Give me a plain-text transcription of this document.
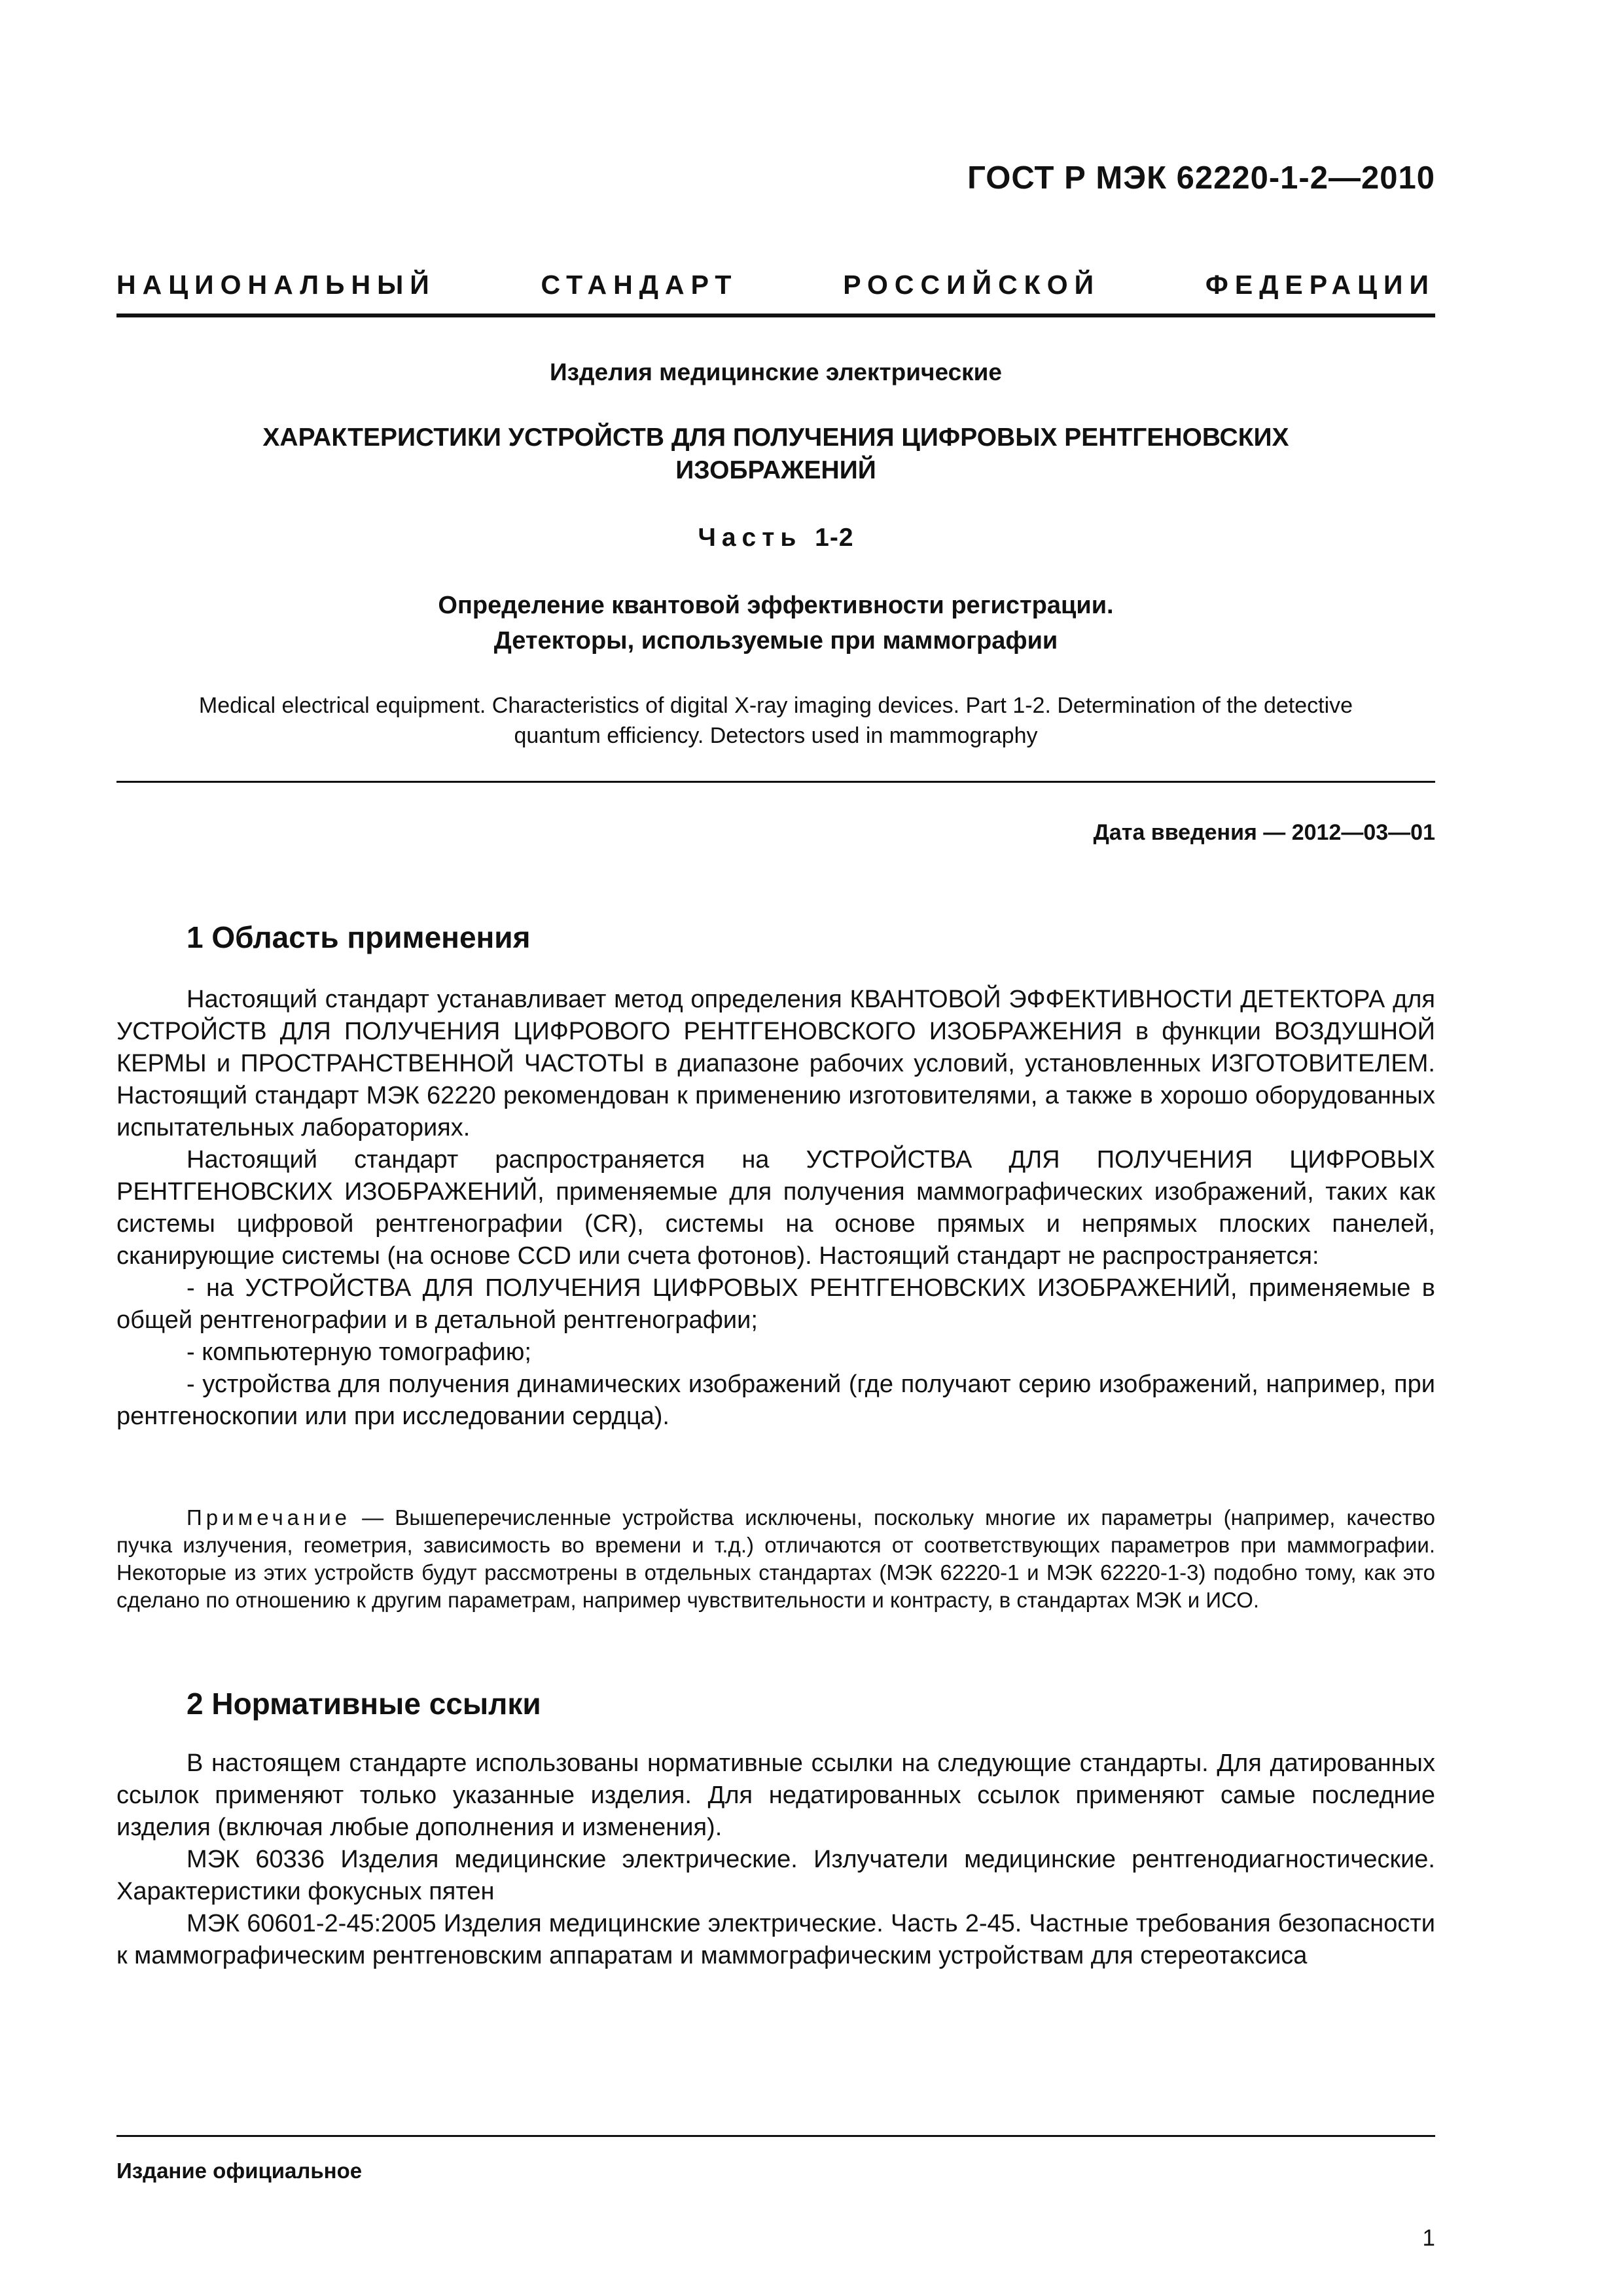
ГОСТ Р МЭК 62220-1-2—2010
НАЦИОНАЛЬНЫЙ СТАНДАРТ РОССИЙСКОЙ ФЕДЕРАЦИИ
Изделия медицинские электрические
ХАРАКТЕРИСТИКИ УСТРОЙСТВ ДЛЯ ПОЛУЧЕНИЯ ЦИФРОВЫХ РЕНТГЕНОВСКИХ
ИЗОБРАЖЕНИЙ
Часть 1-2
Определение квантовой эффективности регистрации.
Детекторы, используемые при маммографии
Medical electrical equipment. Characteristics of digital X-ray imaging devices. Part 1-2. Determination of the detective
quantum efficiency. Detectors used in mammography
Дата введения — 2012—03—01
1 Область применения

Настоящий стандарт устанавливает метод определения КВАНТОВОЙ ЭФФЕКТИВНОСТИ ДЕТЕКТОРА для УСТРОЙСТВ ДЛЯ ПОЛУЧЕНИЯ ЦИФРОВОГО РЕНТГЕНОВСКОГО ИЗОБРАЖЕНИЯ в функции ВОЗДУШНОЙ КЕРМЫ и ПРОСТРАНСТВЕННОЙ ЧАСТОТЫ в диапазоне рабочих условий, установленных ИЗГОТОВИТЕЛЕМ. Настоящий стандарт МЭК 62220 рекомендован к применению изготовителями, а также в хорошо оборудованных испытательных лабораториях.

Настоящий стандарт распространяется на УСТРОЙСТВА ДЛЯ ПОЛУЧЕНИЯ ЦИФРОВЫХ РЕНТГЕНОВСКИХ ИЗОБРАЖЕНИЙ, применяемые для получения маммографических изображений, таких как системы цифровой рентгенографии (CR), системы на основе прямых и непрямых плоских панелей, сканирующие системы (на основе CCD или счета фотонов). Настоящий стандарт не распространяется:

- на УСТРОЙСТВА ДЛЯ ПОЛУЧЕНИЯ ЦИФРОВЫХ РЕНТГЕНОВСКИХ ИЗОБРАЖЕНИЙ, применяемые в общей рентгенографии и в детальной рентгенографии;

- компьютерную томографию;

- устройства для получения динамических изображений (где получают серию изображений, например, при рентгеноскопии или при исследовании сердца).

Примечание — Вышеперечисленные устройства исключены, поскольку многие их параметры (например, качество пучка излучения, геометрия, зависимость во времени и т.д.) отличаются от соответствующих параметров при маммографии. Некоторые из этих устройств будут рассмотрены в отдельных стандартах (МЭК 62220-1 и МЭК 62220-1-3) подобно тому, как это сделано по отношению к другим параметрам, например чувствительности и контрасту, в стандартах МЭК и ИСО.

2 Нормативные ссылки

В настоящем стандарте использованы нормативные ссылки на следующие стандарты. Для датированных ссылок применяют только указанные изделия. Для недатированных ссылок применяют самые последние изделия (включая любые дополнения и изменения).

МЭК 60336 Изделия медицинские электрические. Излучатели медицинские рентгенодиагностические. Характеристики фокусных пятен

МЭК 60601-2-45:2005 Изделия медицинские электрические. Часть 2-45. Частные требования безопасности к маммографическим рентгеновским аппаратам и маммографическим устройствам для стереотаксиса

Издание официальное
1
